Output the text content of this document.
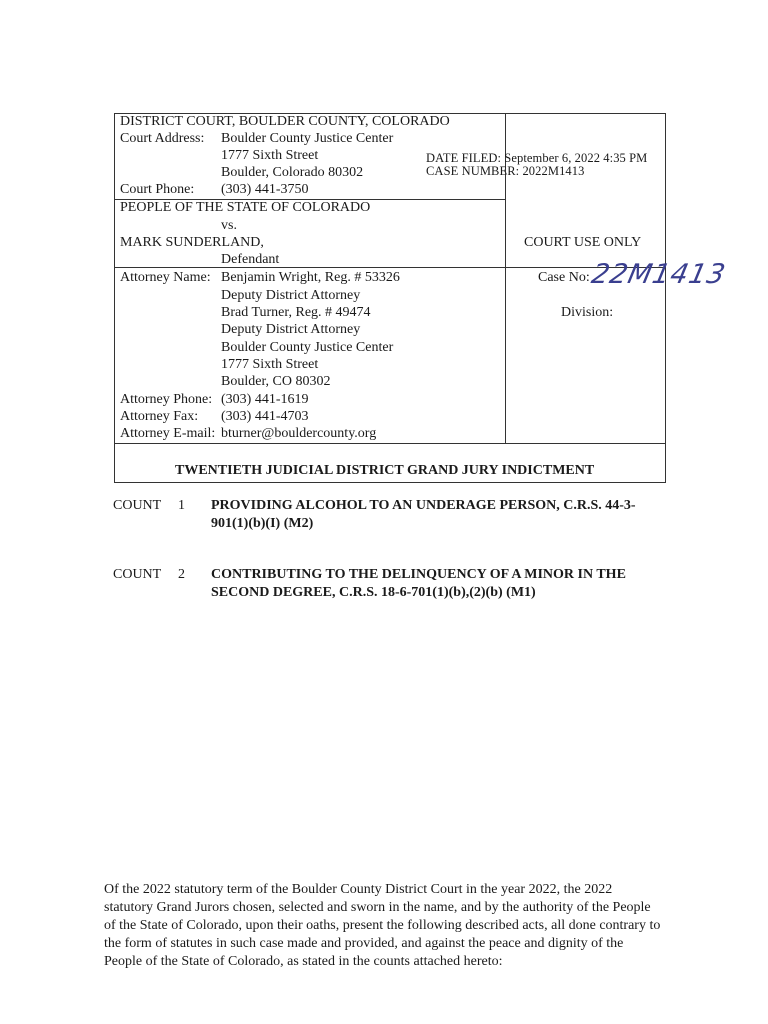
DISTRICT COURT, BOULDER COUNTY, COLORADO
Court Address: Boulder County Justice Center
1777 Sixth Street
Boulder, Colorado 80302
Court Phone: (303) 441-3750
DATE FILED: September 6, 2022 4:35 PM
CASE NUMBER: 2022M1413
PEOPLE OF THE STATE OF COLORADO
vs.
MARK SUNDERLAND,
Defendant
COURT USE ONLY
Attorney Name: Benjamin Wright, Reg. # 53326
Deputy District Attorney
Brad Turner, Reg. # 49474
Deputy District Attorney
Boulder County Justice Center
1777 Sixth Street
Boulder, CO 80302
Attorney Phone: (303) 441-1619
Attorney Fax: (303) 441-4703
Attorney E-mail: bturner@bouldercounty.org
Case No:
22M1413
Division:
TWENTIETH JUDICIAL DISTRICT GRAND JURY INDICTMENT
COUNT 1 PROVIDING ALCOHOL TO AN UNDERAGE PERSON, C.R.S. 44-3-
901(1)(b)(I) (M2)
COUNT 2 CONTRIBUTING TO THE DELINQUENCY OF A MINOR IN THE
SECOND DEGREE, C.R.S. 18-6-701(1)(b),(2)(b) (M1)
Of the 2022 statutory term of the Boulder County District Court in the year 2022, the 2022 statutory Grand Jurors chosen, selected and sworn in the name, and by the authority of the People of the State of Colorado, upon their oaths, present the following described acts, all done contrary to the form of statutes in such case made and provided, and against the peace and dignity of the People of the State of Colorado, as stated in the counts attached hereto:
